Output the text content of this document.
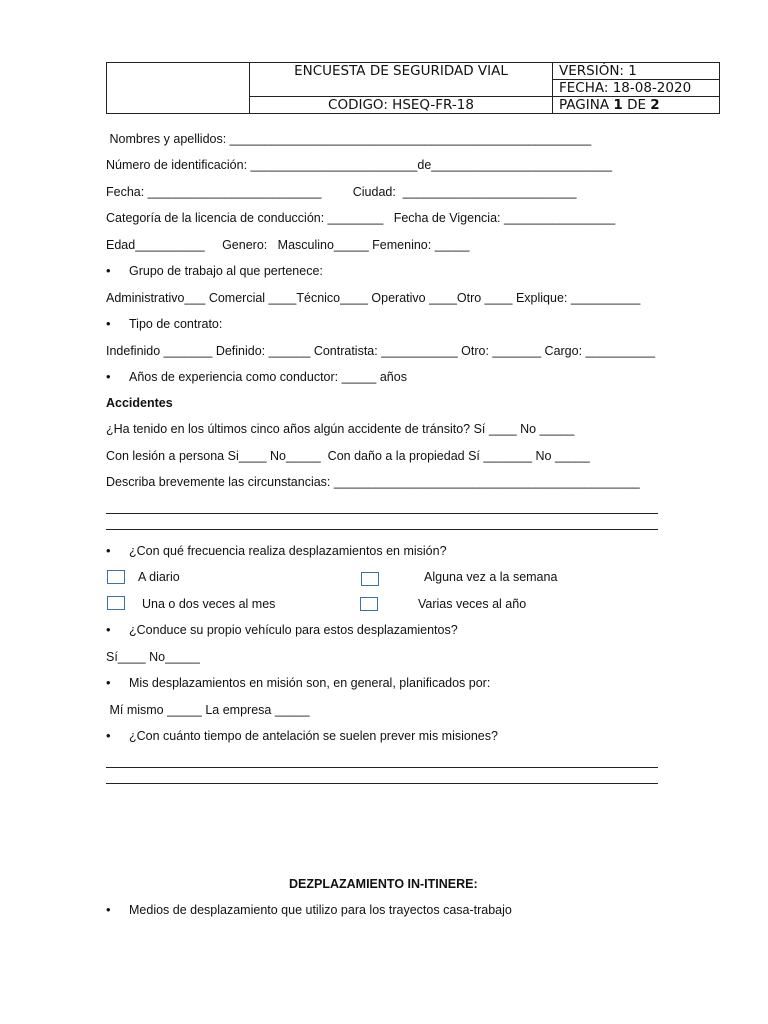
	ENCUESTA DE SEGURIDAD VIAL	VERSIÓN: 1
		FECHA: 18-08-2020
	CODIGO: HSEQ-FR-18	PAGINA 1 DE 2
Nombres y apellidos: ____________________________________________________
Número de identificación: ________________________de__________________________
Fecha: _________________________         Ciudad:  _________________________
Categoría de la licencia de conducción: ________   Fecha de Vigencia: ________________
Edad__________     Genero:   Masculino_____ Femenino: _____
• Grupo de trabajo al que pertenece:
Administrativo___ Comercial ____Técnico____ Operativo ____Otro ____ Explique: __________
• Tipo de contrato:
Indefinido _______ Definido: ______ Contratista: ___________ Otro: _______ Cargo: __________
• Años de experiencia como conductor: _____ años
Accidentes
¿Ha tenido en los últimos cinco años algún accidente de tránsito? Sí ____ No _____
Con lesión a persona Si____ No_____  Con daño a la propiedad Sí _______ No _____
Describa brevemente las circunstancias: ____________________________________________
• ¿Con qué frecuencia realiza desplazamientos en misión?
A diario	Alguna vez a la semana
Una o dos veces al mes	Varias veces al año
• ¿Conduce su propio vehículo para estos desplazamientos?
Sí____ No_____
• Mis desplazamientos en misión son, en general, planificados por:
Mí mismo _____ La empresa _____
• ¿Con cuánto tiempo de antelación se suelen prever mis misiones?
DEZPLAZAMIENTO IN-ITINERE:
• Medios de desplazamiento que utilizo para los trayectos casa-trabajo
